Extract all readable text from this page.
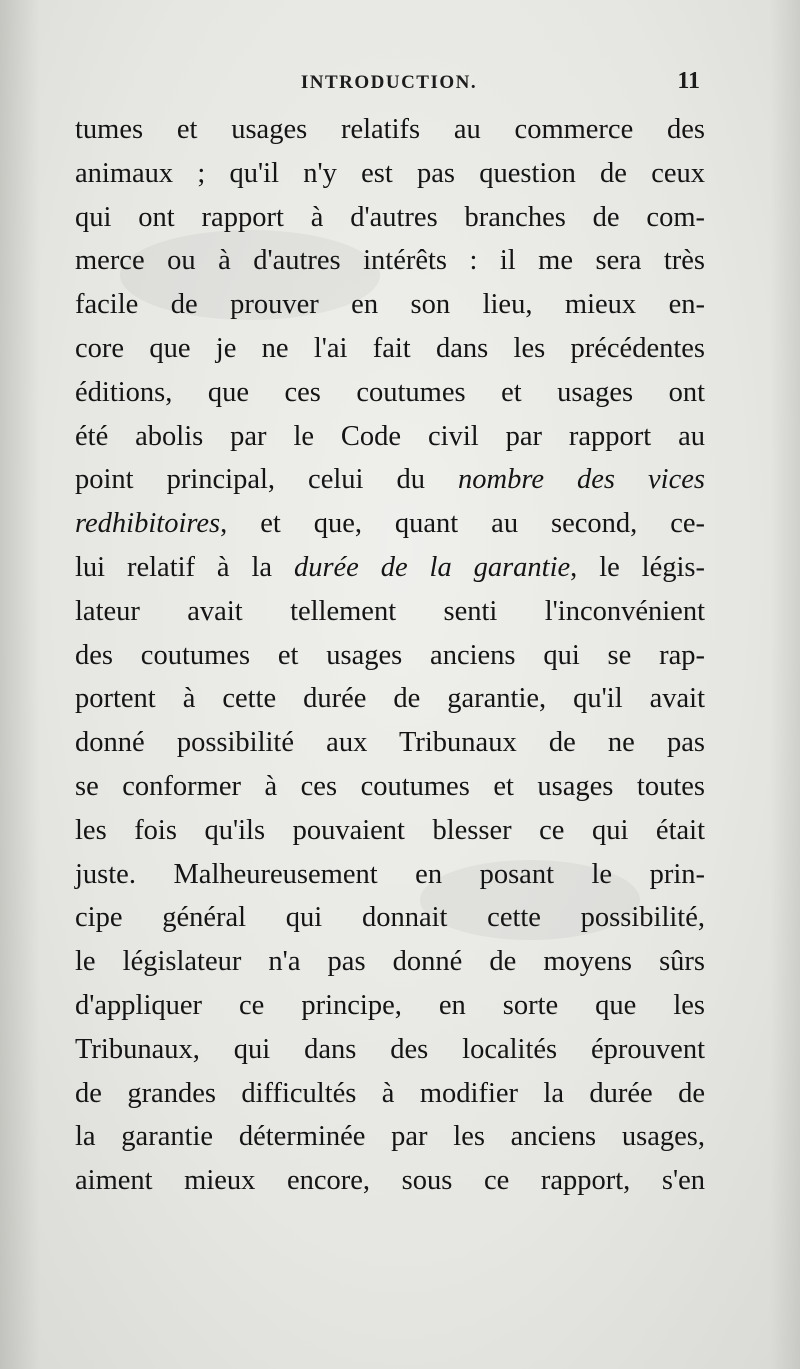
INTRODUCTION.	11
tumes et usages relatifs au commerce des
animaux ; qu'il n'y est pas question de ceux
qui ont rapport à d'autres branches de com-
merce ou à d'autres intérêts : il me sera très
facile de prouver en son lieu, mieux en-
core que je ne l'ai fait dans les précédentes
éditions, que ces coutumes et usages ont
été abolis par le Code civil par rapport au
point principal, celui du nombre des vices
redhibitoires, et que, quant au second, ce-
lui relatif à la durée de la garantie, le légis-
lateur avait tellement senti l'inconvénient
des coutumes et usages anciens qui se rap-
portent à cette durée de garantie, qu'il avait
donné possibilité aux Tribunaux de ne pas
se conformer à ces coutumes et usages toutes
les fois qu'ils pouvaient blesser ce qui était
juste. Malheureusement en posant le prin-
cipe général qui donnait cette possibilité,
le législateur n'a pas donné de moyens sûrs
d'appliquer ce principe, en sorte que les
Tribunaux, qui dans des localités éprouvent
de grandes difficultés à modifier la durée de
la garantie déterminée par les anciens usages,
aiment mieux encore, sous ce rapport, s'en
